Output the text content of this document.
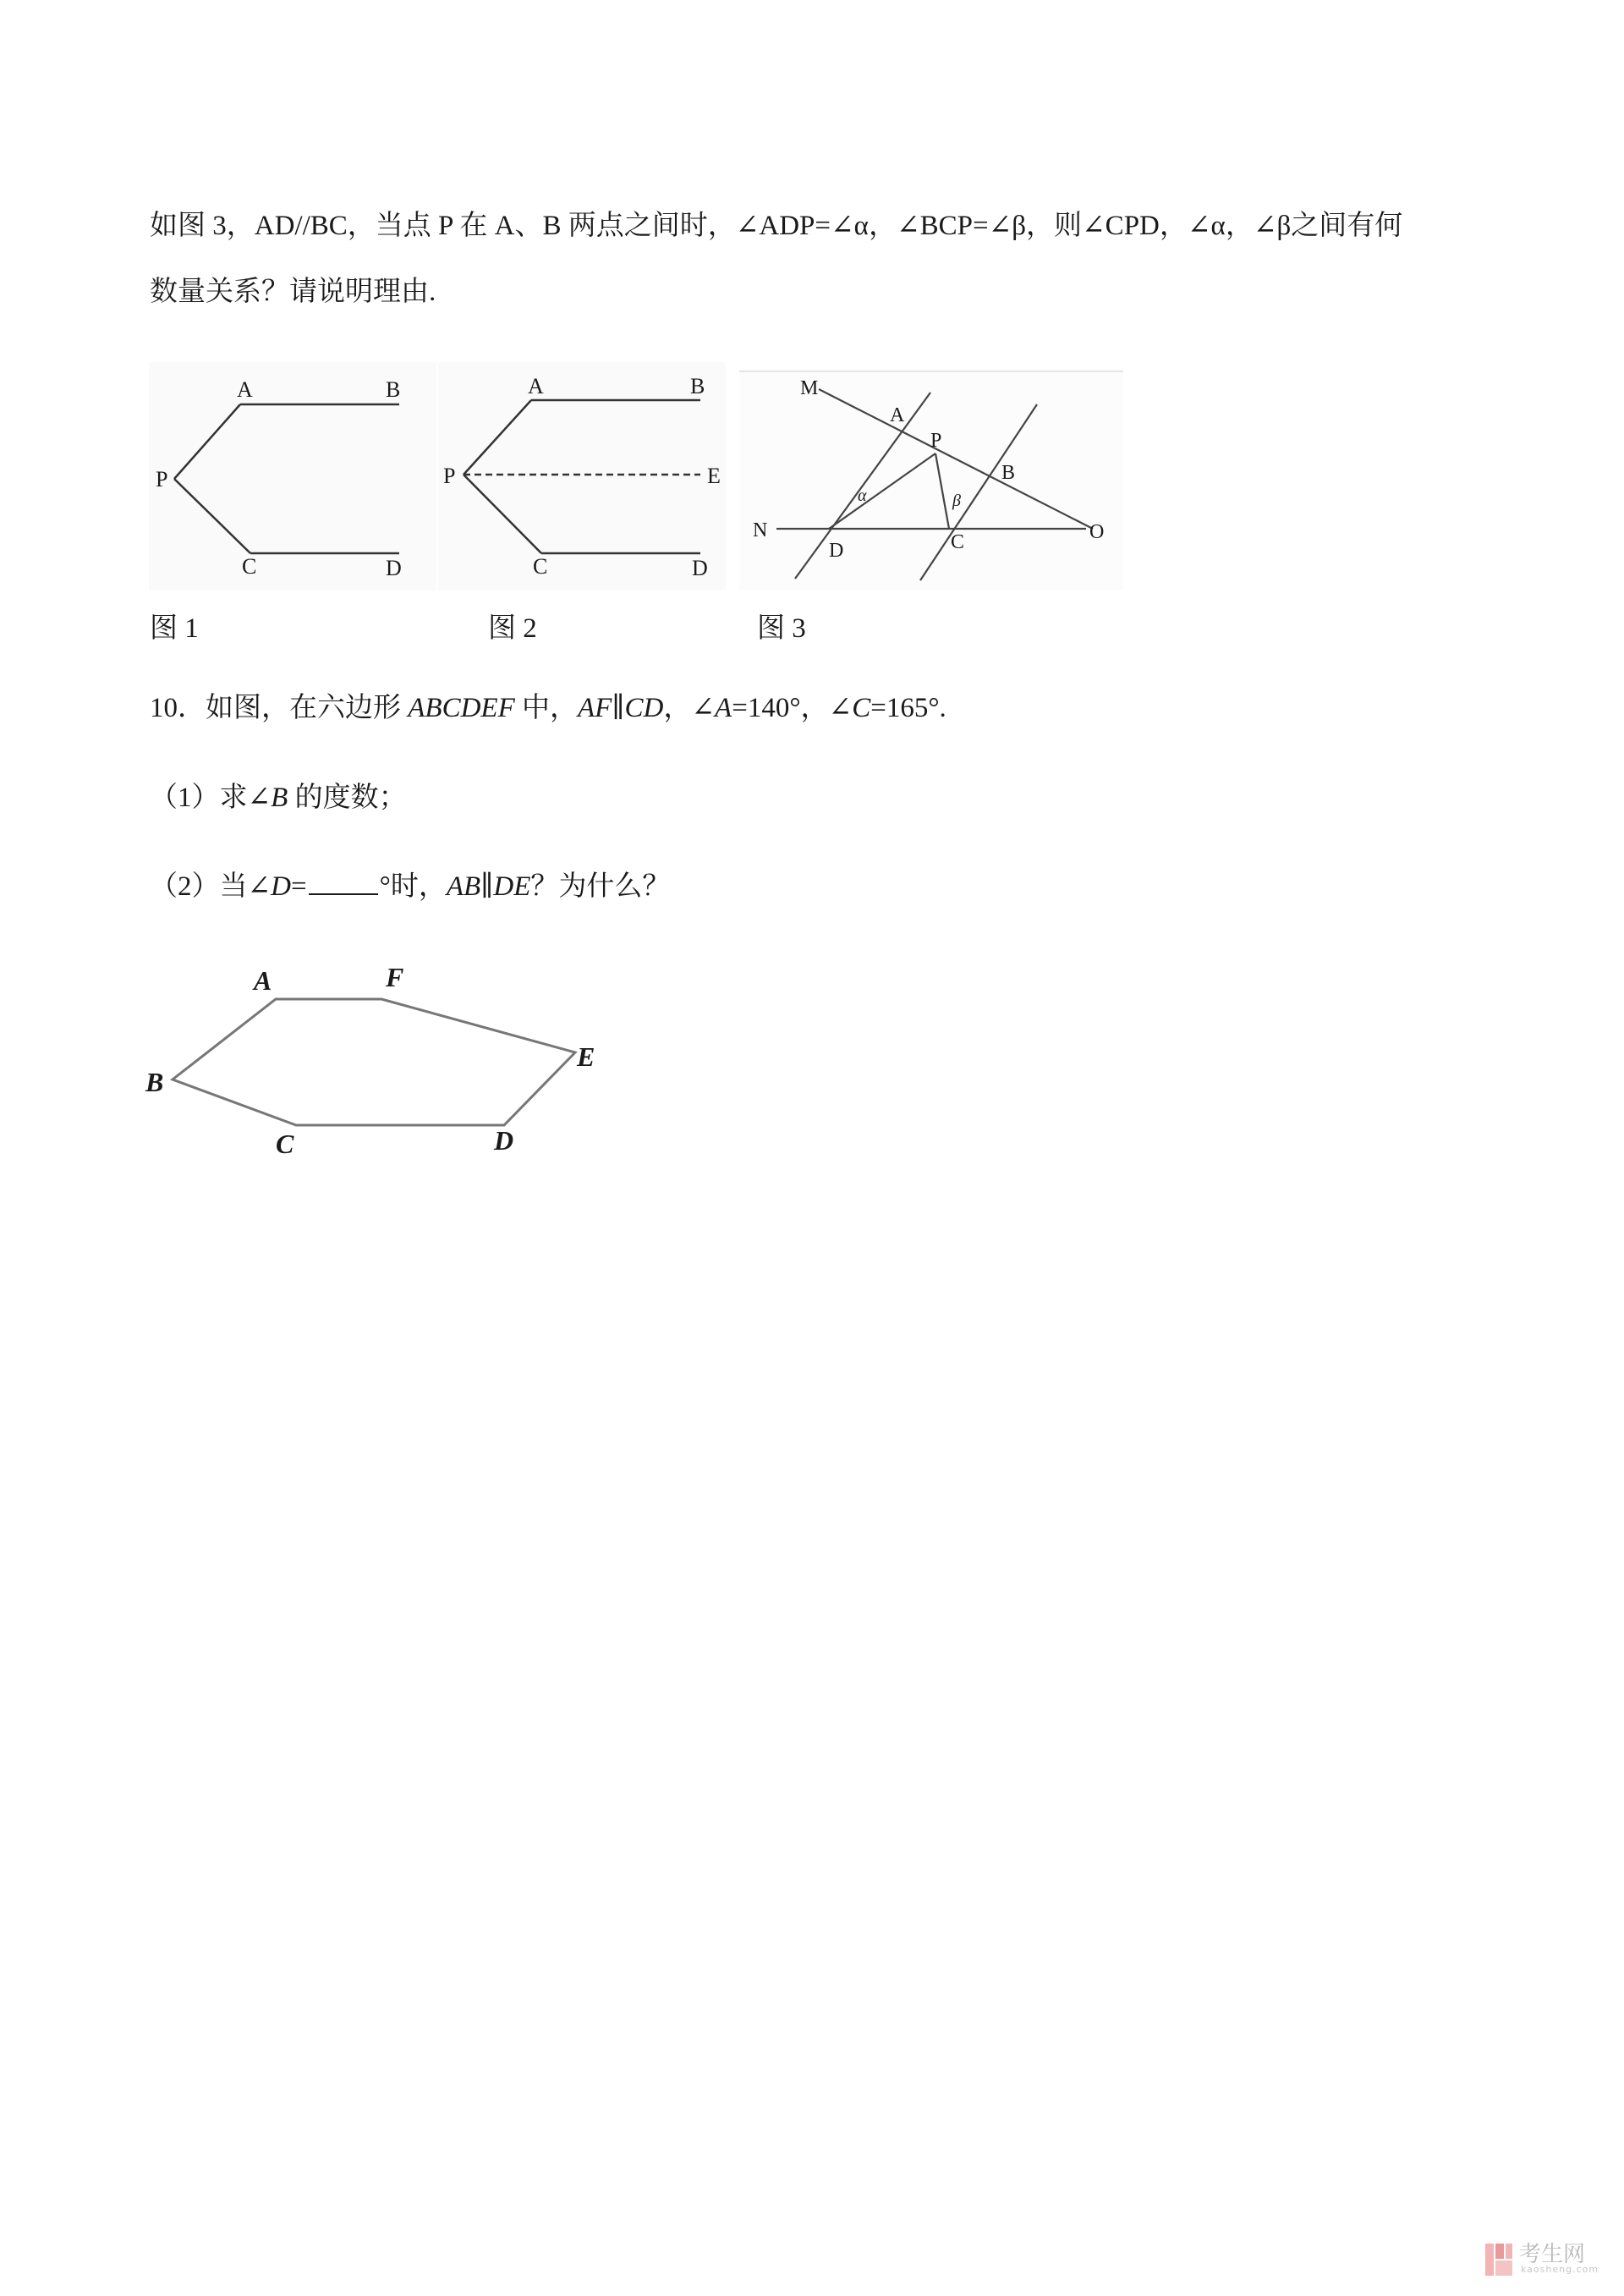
如图 3，AD//BC，当点 P 在 A、B 两点之间时，∠ADP=∠α，∠BCP=∠β，则∠CPD，∠α，∠β之间有何
数量关系？请说明理由.
A	B
P
C	D
A	B
P	E
C	D
M
A
P
B
α	β
N
D	C	O
图 1	图 2	图 3
10．如图，在六边形 ABCDEF 中，AF∥CD，∠A=140°，∠C=165°.
（1）求∠B 的度数；
（2）当∠D=	°时，AB∥DE？为什么？
A	F
E
B
C	D
考生网
kaosheng.com
